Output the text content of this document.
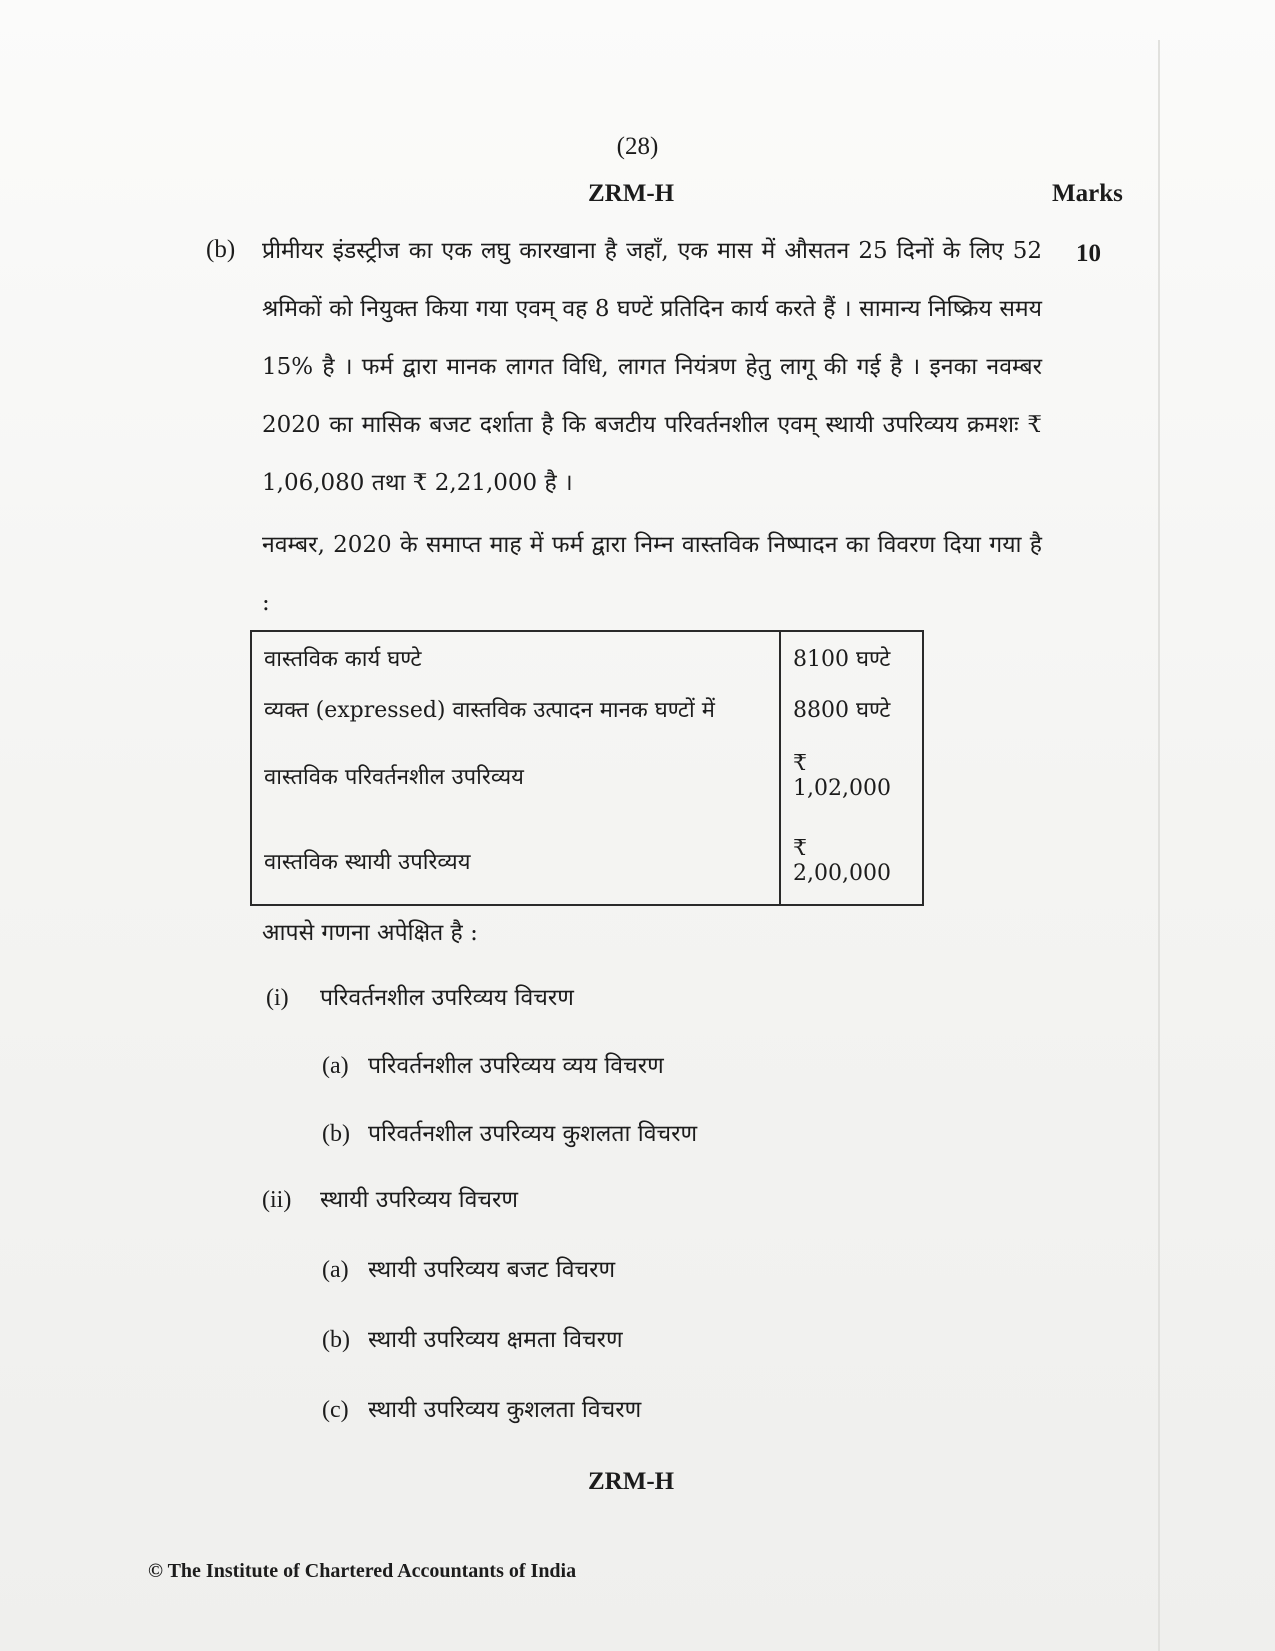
(28)
ZRM-H	Marks
(b)	10
प्रीमीयर इंडस्ट्रीज का एक लघु कारखाना है जहाँ, एक मास में औसतन 25 दिनों के लिए 52 श्रमिकों को नियुक्त किया गया एवम् वह 8 घण्टें प्रतिदिन कार्य करते हैं । सामान्य निष्क्रिय समय 15% है । फर्म द्वारा मानक लागत विधि, लागत नियंत्रण हेतु लागू की गई है । इनका नवम्बर 2020 का मासिक बजट दर्शाता है कि बजटीय परिवर्तनशील एवम् स्थायी उपरिव्यय क्रमशः ₹ 1,06,080 तथा ₹ 2,21,000 है ।
नवम्बर, 2020 के समाप्त माह में फर्म द्वारा निम्न वास्तविक निष्पादन का विवरण दिया गया है :
वास्तविक कार्य घण्टे	8100 घण्टे
व्यक्त (expressed) वास्तविक उत्पादन मानक घण्टों में	8800 घण्टे
वास्तविक परिवर्तनशील उपरिव्यय	₹ 1,02,000
वास्तविक स्थायी उपरिव्यय	₹ 2,00,000
आपसे गणना अपेक्षित है :
(i) परिवर्तनशील उपरिव्यय विचरण
(a) परिवर्तनशील उपरिव्यय व्यय विचरण
(b) परिवर्तनशील उपरिव्यय कुशलता विचरण
(ii) स्थायी उपरिव्यय विचरण
(a) स्थायी उपरिव्यय बजट विचरण
(b) स्थायी उपरिव्यय क्षमता विचरण
(c) स्थायी उपरिव्यय कुशलता विचरण
ZRM-H
© The Institute of Chartered Accountants of India
